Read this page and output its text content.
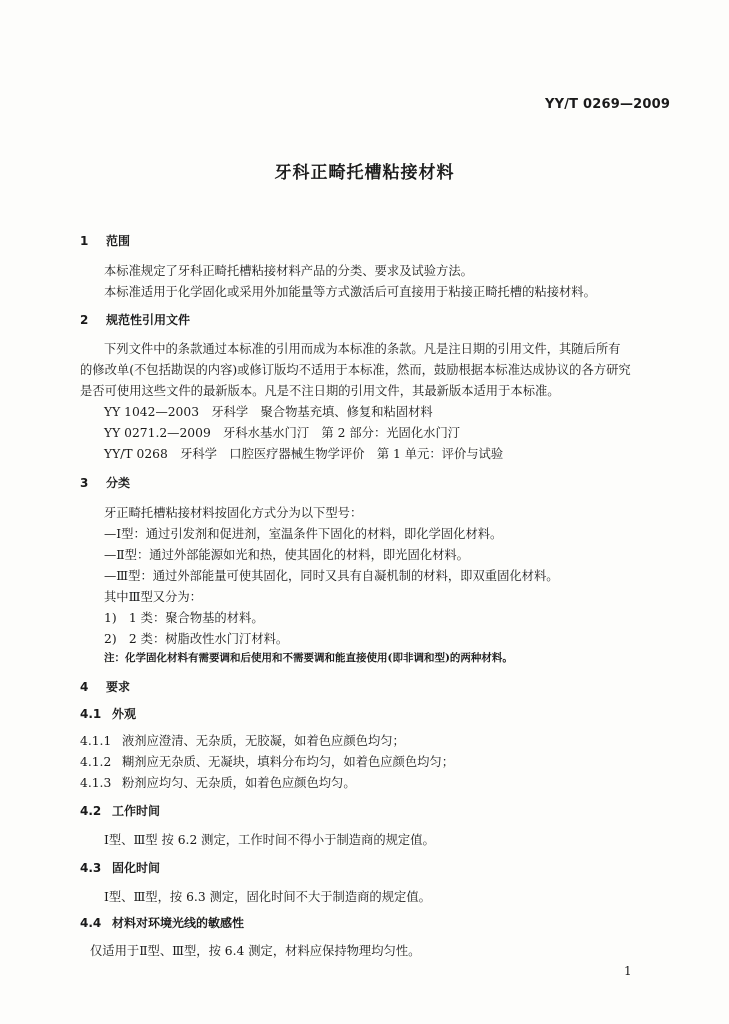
YY/T 0269—2009
牙科正畸托槽粘接材料
1 范围
本标准规定了牙科正畸托槽粘接材料产品的分类、要求及试验方法。
本标准适用于化学固化或采用外加能量等方式激活后可直接用于粘接正畸托槽的粘接材料。
2 规范性引用文件
下列文件中的条款通过本标准的引用而成为本标准的条款。凡是注日期的引用文件，其随后所有
的修改单(不包括勘误的内容)或修订版均不适用于本标准，然而，鼓励根据本标准达成协议的各方研究
是否可使用这些文件的最新版本。凡是不注日期的引用文件，其最新版本适用于本标准。
YY 1042—2003　牙科学　聚合物基充填、修复和粘固材料
YY 0271.2—2009　牙科水基水门汀　第 2 部分：光固化水门汀
YY/T 0268　牙科学　口腔医疗器械生物学评价　第 1 单元：评价与试验
3 分类
牙正畸托槽粘接材料按固化方式分为以下型号：
—Ⅰ型：通过引发剂和促进剂，室温条件下固化的材料，即化学固化材料。
—Ⅱ型：通过外部能源如光和热，使其固化的材料，即光固化材料。
—Ⅲ型：通过外部能量可使其固化，同时又具有自凝机制的材料，即双重固化材料。
其中Ⅲ型又分为：
1)　1 类：聚合物基的材料。
2)　2 类：树脂改性水门汀材料。
注：化学固化材料有需要调和后使用和不需要调和能直接使用(即非调和型)的两种材料。
4 要求
4.1 外观
4.1.1 液剂应澄清、无杂质，无胶凝，如着色应颜色均匀；
4.1.2 糊剂应无杂质、无凝块，填料分布均匀，如着色应颜色均匀；
4.1.3 粉剂应均匀、无杂质，如着色应颜色均匀。
4.2 工作时间
Ⅰ型、Ⅲ型 按 6.2 测定，工作时间不得小于制造商的规定值。
4.3 固化时间
Ⅰ型、Ⅲ型，按 6.3 测定，固化时间不大于制造商的规定值。
4.4 材料对环境光线的敏感性
仅适用于Ⅱ型、Ⅲ型，按 6.4 测定，材料应保持物理均匀性。
1
